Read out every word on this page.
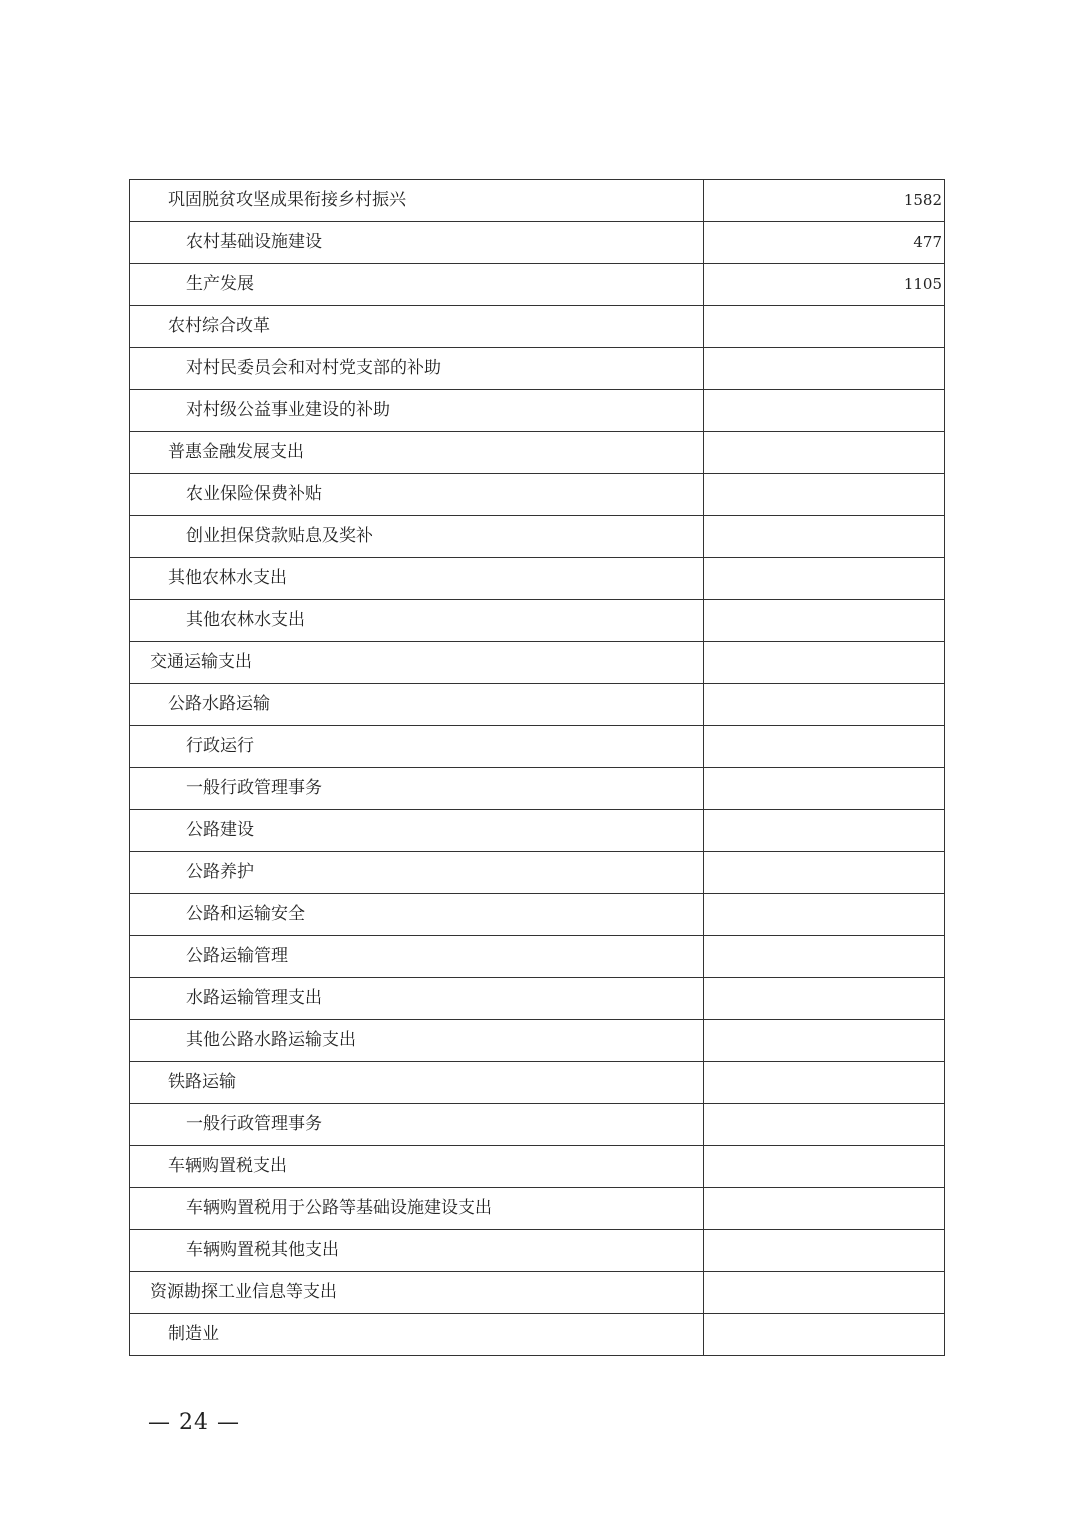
巩固脱贫攻坚成果衔接乡村振兴	1582
农村基础设施建设	477
生产发展	1105
农村综合改革	
对村民委员会和对村党支部的补助	
对村级公益事业建设的补助	
普惠金融发展支出	
农业保险保费补贴	
创业担保贷款贴息及奖补	
其他农林水支出	
其他农林水支出	
交通运输支出	
公路水路运输	
行政运行	
一般行政管理事务	
公路建设	
公路养护	
公路和运输安全	
公路运输管理	
水路运输管理支出	
其他公路水路运输支出	
铁路运输	
一般行政管理事务	
车辆购置税支出	
车辆购置税用于公路等基础设施建设支出	
车辆购置税其他支出	
资源勘探工业信息等支出	
制造业	
— 24 —
